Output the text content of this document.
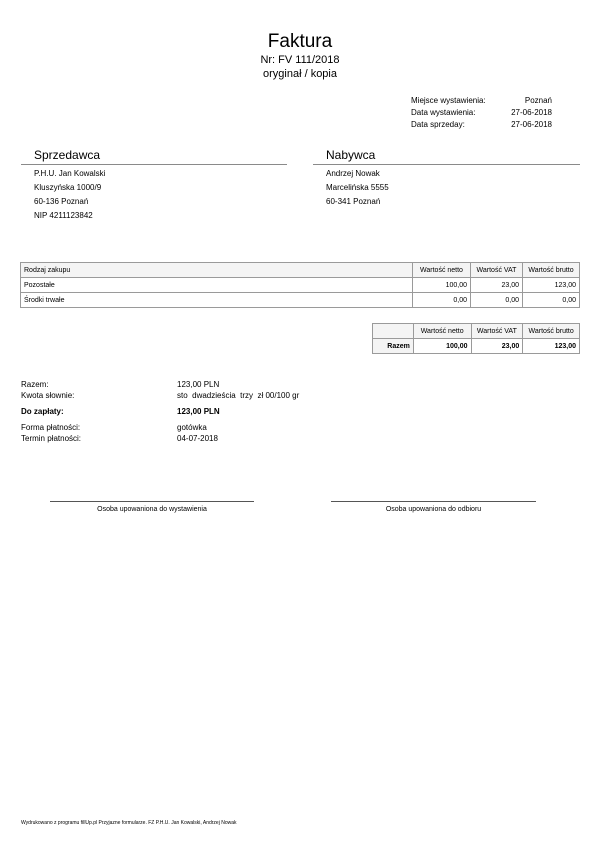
Faktura
Nr: FV 111/2018
oryginał / kopia
Miejsce wystawienia:	Poznań
Data wystawienia:	27-06-2018
Data sprzeday:	27-06-2018
Sprzedawca
P.H.U. Jan Kowalski
Kluszyńska 1000/9
60-136 Poznań
NIP 4211123842
Nabywca
Andrzej Nowak
Marcelińska 5555
60-341 Poznań
Rodzaj zakupu	Wartość netto	Wartość VAT	Wartość brutto
Pozostałe	100,00	23,00	123,00
Środki trwałe	0,00	0,00	0,00
	Wartość netto	Wartość VAT	Wartość brutto
Razem	100,00	23,00	123,00
Razem:	123,00 PLN
Kwota słownie:	sto  dwadzieścia  trzy  zł 00/100 gr
Do zapłaty:	123,00 PLN
Forma płatności:	gotówka
Termin płatności:	04-07-2018
Osoba upowaniona do wystawienia	Osoba upowaniona do odbioru
Wydrukowano z programu fillUp.pl Przyjazne formularze. FZ P.H.U. Jan Kowalski, Andrzej Nowak
